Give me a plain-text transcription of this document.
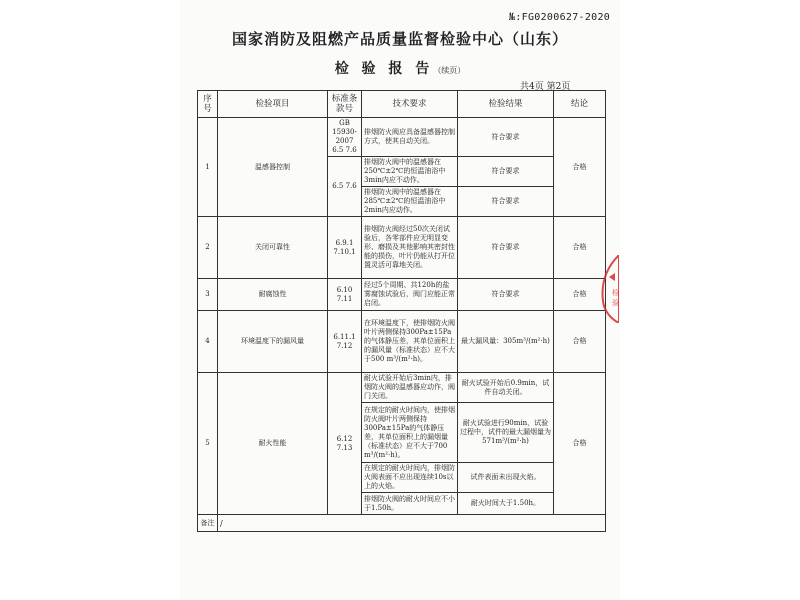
№:FG0200627-2020
国家消防及阻燃产品质量监督检验中心（山东）
检 验 报 告（续页）
共4页 第2页
序号	检验项目	标准条款号	技术要求	检验结果	结论
1	温感器控制	GB 15930-2007 6.5 7.6	排烟防火阀应具备温感器控制方式，使其自动关闭。	符合要求	合格
		6.5 7.6	排烟防火阀中的温感器在250℃±2℃的恒温油浴中3min内应不动作。	符合要求	
			排烟防火阀中的温感器在285℃±2℃的恒温油浴中2min内应动作。	符合要求	
2	关闭可靠性	6.9.1 7.10.1	排烟防火阀经过50次关闭试验后，各零部件应无明显变形、磨损及其他影响其密封性能的损伤，叶片仍能从打开位置灵活可靠地关闭。	符合要求	合格
3	耐腐蚀性	6.10 7.11	经过5个周期、共120h的盐雾腐蚀试验后，阀门应能正常启闭。	符合要求	合格
4	环境温度下的漏风量	6.11.1 7.12	在环境温度下，使排烟防火阀叶片两侧保持300Pa±15Pa的气体静压差，其单位面积上的漏风量（标准状态）应不大于500 m³/(m²·h)。	最大漏风量：305m³/(m²·h)	合格
5	耐火性能	6.12 7.13	耐火试验开始后3min内，排烟防火阀的温感器应动作，阀门关闭。	耐火试验开始后0.9min，试件自动关闭。	合格
			在规定的耐火时间内，使排烟防火阀叶片两侧保持300Pa±15Pa的气体静压差，其单位面积上的漏烟量（标准状态）应不大于700 m³/(m²·h)。	耐火试验进行90min，试验过程中，试件的最大漏烟量为571m³/(m²·h)	
			在规定的耐火时间内，排烟防火阀表面不应出现连续10s以上的火焰。	试件表面未出现火焰。	
			排烟防火阀的耐火时间应不小于1.50h。	耐火时间大于1.50h。	
备注	/				
检
验
